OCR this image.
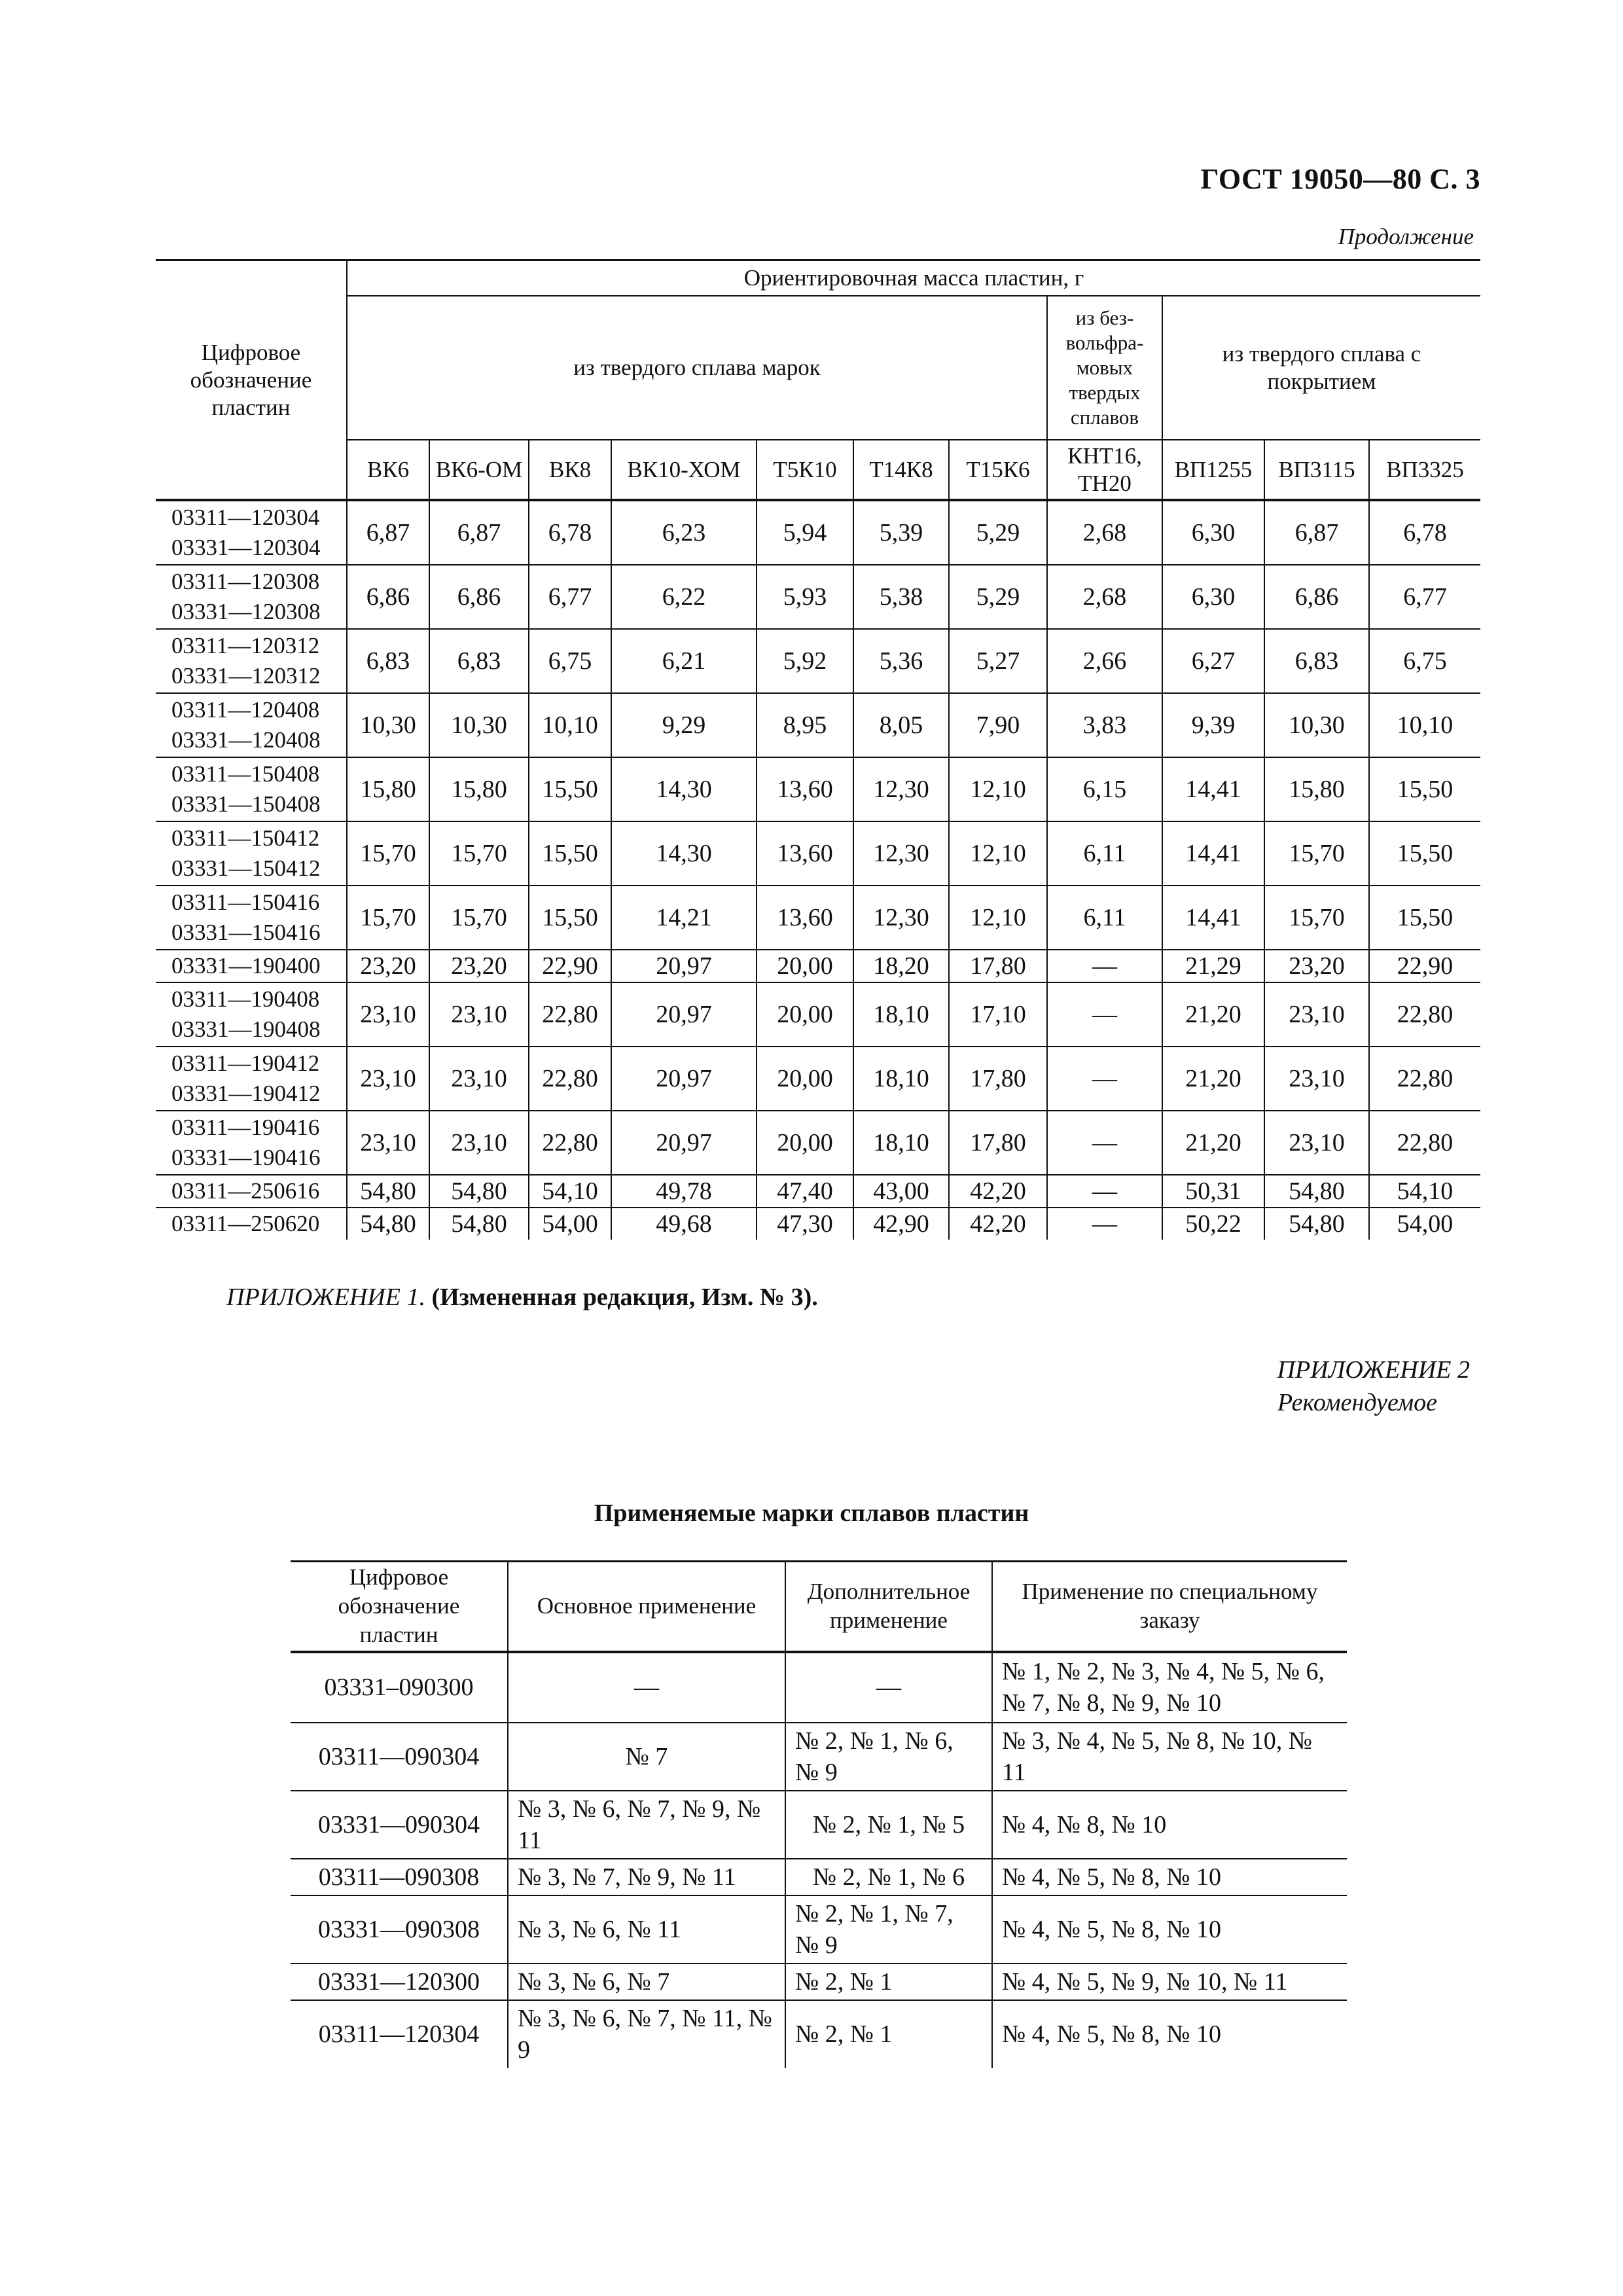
ГОСТ 19050—80 С. 3
Продолжение
Цифровое обозначение пластин	Ориентировочная масса пластин, г										
	из твердого сплава марок							из без-вольфра-мовых твердых сплавов	из твердого сплава с покрытием		
	ВК6	ВК6-ОМ	ВК8	ВК10-ХОМ	Т5К10	Т14К8	Т15К6	КНТ16, ТН20	ВП1255	ВП3115	ВП3325

03311—120304
03331—120304	6,87	6,87	6,78	6,23	5,94	5,39	5,29	2,68	6,30	6,87	6,78

03311—120308
03331—120308	6,86	6,86	6,77	6,22	5,93	5,38	5,29	2,68	6,30	6,86	6,77

03311—120312
03331—120312	6,83	6,83	6,75	6,21	5,92	5,36	5,27	2,66	6,27	6,83	6,75

03311—120408
03331—120408	10,30	10,30	10,10	9,29	8,95	8,05	7,90	3,83	9,39	10,30	10,10

03311—150408
03331—150408	15,80	15,80	15,50	14,30	13,60	12,30	12,10	6,15	14,41	15,80	15,50

03311—150412
03331—150412	15,70	15,70	15,50	14,30	13,60	12,30	12,10	6,11	14,41	15,70	15,50

03311—150416
03331—150416	15,70	15,70	15,50	14,21	13,60	12,30	12,10	6,11	14,41	15,70	15,50

03331—190400	23,20	23,20	22,90	20,97	20,00	18,20	17,80	—	21,29	23,20	22,90

03311—190408
03331—190408	23,10	23,10	22,80	20,97	20,00	18,10	17,10	—	21,20	23,10	22,80

03311—190412
03331—190412	23,10	23,10	22,80	20,97	20,00	18,10	17,80	—	21,20	23,10	22,80

03311—190416
03331—190416	23,10	23,10	22,80	20,97	20,00	18,10	17,80	—	21,20	23,10	22,80

03311—250616	54,80	54,80	54,10	49,78	47,40	43,00	42,20	—	50,31	54,80	54,10

03311—250620	54,80	54,80	54,00	49,68	47,30	42,90	42,20	—	50,22	54,80	54,00
ПРИЛОЖЕНИЕ 1. (Измененная редакция, Изм. № 3).
ПРИЛОЖЕНИЕ 2
Рекомендуемое
Применяемые марки сплавов пластин
Цифровое обозначение пластин	Основное применение	Дополнительное применение	Применение по специальному заказу
03331–090300	—	—	№ 1, № 2, № 3, № 4, № 5, № 6, № 7, № 8, № 9, № 10
03311—090304	№ 7	№ 2, № 1, № 6, № 9	№ 3, № 4, № 5, № 8, № 10, № 11
03331—090304	№ 3, № 6, № 7, № 9, № 11	№ 2, № 1, № 5	№ 4, № 8, № 10
03311—090308	№ 3, № 7, № 9, № 11	№ 2, № 1, № 6	№ 4, № 5, № 8, № 10
03331—090308	№ 3, № 6, № 11	№ 2, № 1, № 7, № 9	№ 4, № 5, № 8, № 10
03331—120300	№ 3, № 6, № 7	№ 2, № 1	№ 4, № 5, № 9, № 10, № 11
03311—120304	№ 3, № 6, № 7, № 11, № 9	№ 2, № 1	№ 4, № 5, № 8, № 10
